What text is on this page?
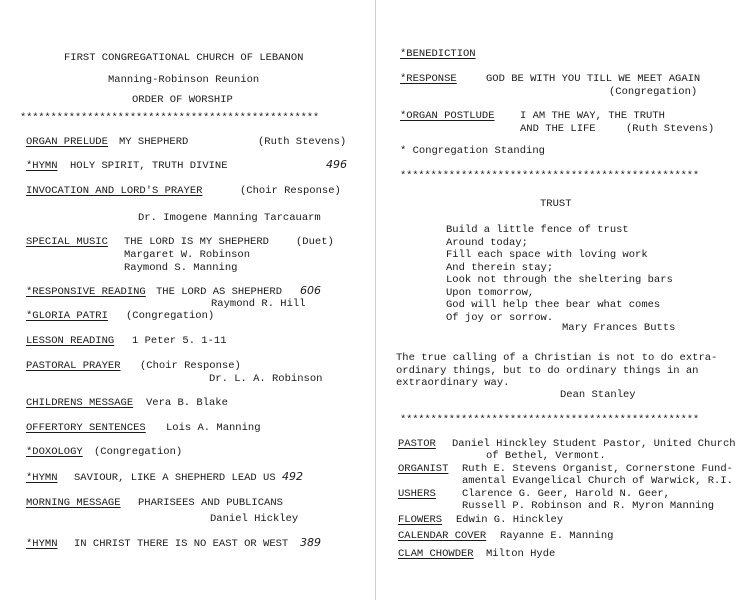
FIRST CONGREGATIONAL CHURCH OF LEBANON
Manning-Robinson Reunion
ORDER OF WORSHIP
*************************************************
ORGAN PRELUDE MY SHEPHERD	(Ruth Stevens)
*HYMN HOLY SPIRIT, TRUTH DIVINE	496
INVOCATION AND LORD'S PRAYER	(Choir Response)
Dr. Imogene Manning Tarcauarm
SPECIAL MUSIC THE LORD IS MY SHEPHERD	(Duet)
Margaret W. Robinson
Raymond S. Manning
*RESPONSIVE READING THE LORD AS SHEPHERD 606
Raymond R. Hill
*GLORIA PATRI (Congregation)
LESSON READING 1 Peter 5. 1-11
PASTORAL PRAYER (Choir Response)
Dr. L. A. Robinson
CHILDRENS MESSAGE Vera B. Blake
OFFERTORY SENTENCES Lois A. Manning
*DOXOLOGY (Congregation)
*HYMN SAVIOUR, LIKE A SHEPHERD LEAD US 492
MORNING MESSAGE PHARISEES AND PUBLICANS
Daniel Hickley
*HYMN IN CHRIST THERE IS NO EAST OR WEST 389
*BENEDICTION
*RESPONSE	GOD BE WITH YOU TILL WE MEET AGAIN
(Congregation)
*ORGAN POSTLUDE I AM THE WAY, THE TRUTH
AND THE LIFE	(Ruth Stevens)
* Congregation Standing
*************************************************
TRUST
Build a little fence of trust
Around today;
Fill each space with loving work
And therein stay;
Look not through the sheltering bars
Upon tomorrow,
God will help thee bear what comes
Of joy or sorrow.
Mary Frances Butts
The true calling of a Christian is not to do extra-
ordinary things, but to do ordinary things in an
extraordinary way.
Dean Stanley
*************************************************
PASTOR Daniel Hinckley Student Pastor, United Church
of Bethel, Vermont.
ORGANIST Ruth E. Stevens Organist, Cornerstone Fund-
amental Evangelical Church of Warwick, R.I.
USHERS Clarence G. Geer, Harold N. Geer,
Russell P. Robinson and R. Myron Manning
FLOWERS Edwin G. Hinckley
CALENDAR COVER Rayanne E. Manning
CLAM CHOWDER Milton Hyde
